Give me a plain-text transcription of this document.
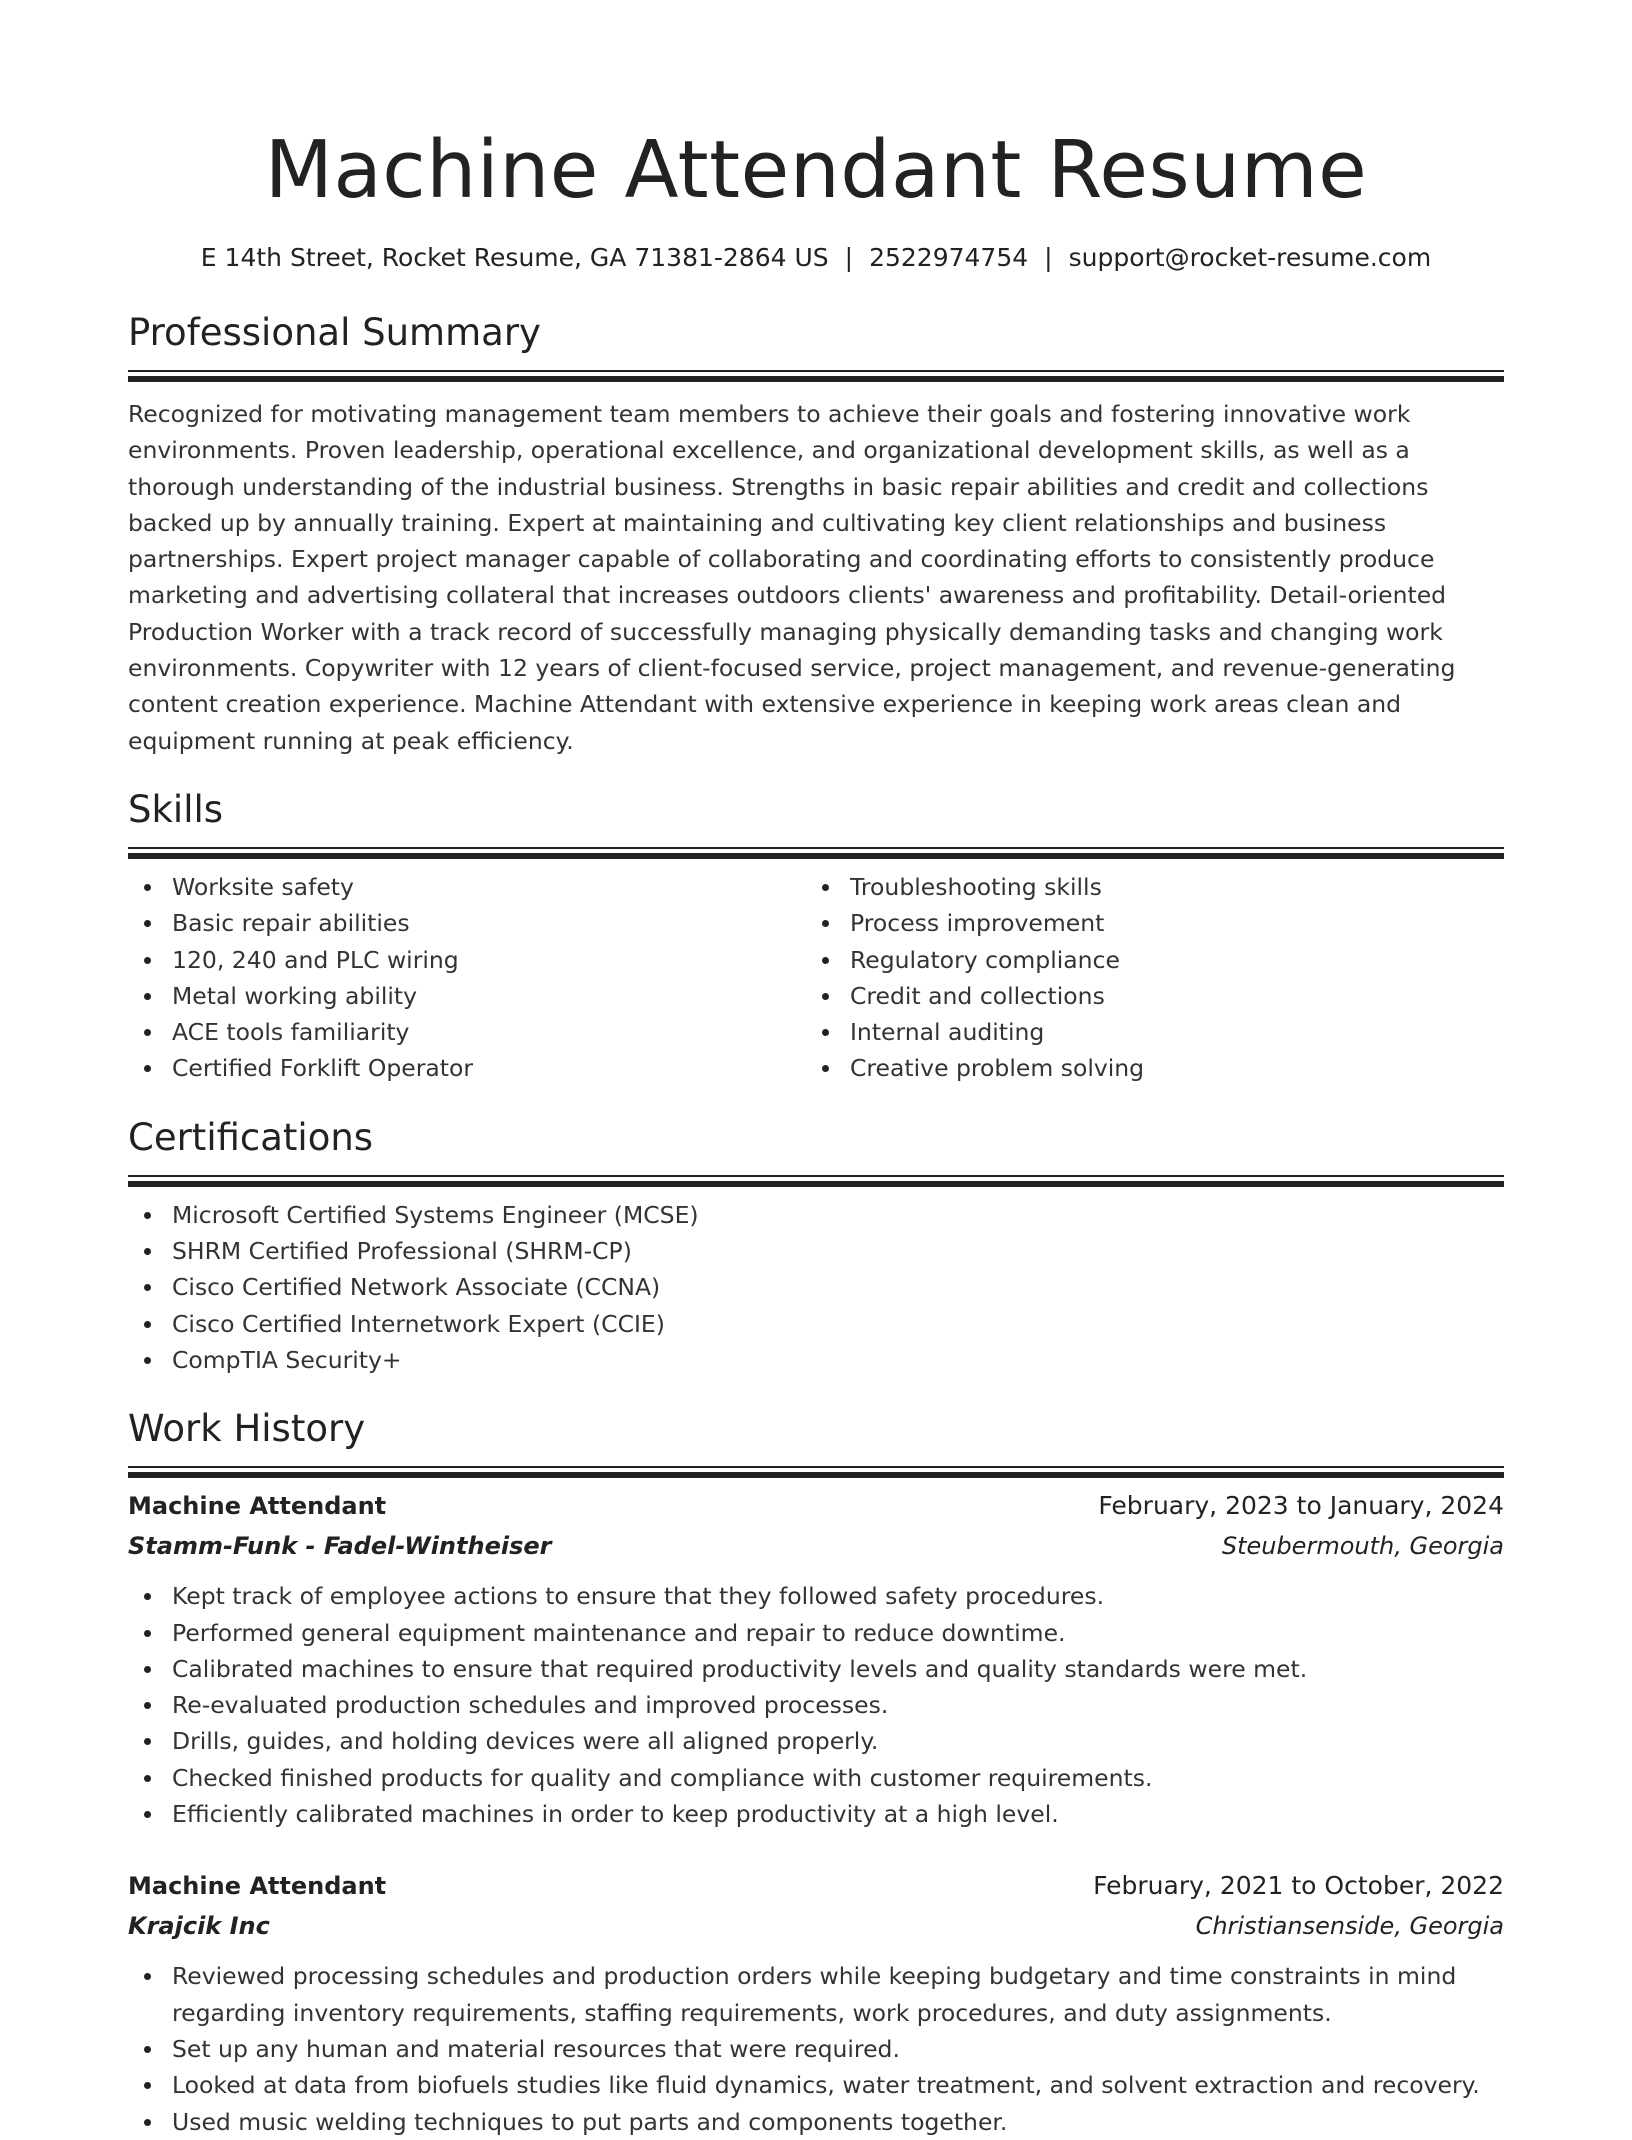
Machine Attendant Resume
E 14th Street, Rocket Resume, GA 71381-2864 US | 2522974754 | support@rocket-resume.com
Professional Summary

Recognized for motivating management team members to achieve their goals and fostering innovative work environments. Proven leadership, operational excellence, and organizational development skills, as well as a thorough understanding of the industrial business. Strengths in basic repair abilities and credit and collections backed up by annually training. Expert at maintaining and cultivating key client relationships and business partnerships. Expert project manager capable of collaborating and coordinating efforts to consistently produce marketing and advertising collateral that increases outdoors clients' awareness and profitability. Detail-oriented Production Worker with a track record of successfully managing physically demanding tasks and changing work environments. Copywriter with 12 years of client-focused service, project management, and revenue-generating content creation experience. Machine Attendant with extensive experience in keeping work areas clean and equipment running at peak efficiency.

Skills
Worksite safety
Basic repair abilities
120, 240 and PLC wiring
Metal working ability
ACE tools familiarity
Certified Forklift Operator
Troubleshooting skills
Process improvement
Regulatory compliance
Credit and collections
Internal auditing
Creative problem solving
Certifications
Microsoft Certified Systems Engineer (MCSE)
SHRM Certified Professional (SHRM-CP)
Cisco Certified Network Associate (CCNA)
Cisco Certified Internetwork Expert (CCIE)
CompTIA Security+
Work History
Machine Attendant	February, 2023 to January, 2024
Stamm-Funk - Fadel-Wintheiser	Steubermouth, Georgia
Kept track of employee actions to ensure that they followed safety procedures.
Performed general equipment maintenance and repair to reduce downtime.
Calibrated machines to ensure that required productivity levels and quality standards were met.
Re-evaluated production schedules and improved processes.
Drills, guides, and holding devices were all aligned properly.
Checked finished products for quality and compliance with customer requirements.
Efficiently calibrated machines in order to keep productivity at a high level.
Machine Attendant	February, 2021 to October, 2022
Krajcik Inc	Christiansenside, Georgia
Reviewed processing schedules and production orders while keeping budgetary and time constraints in mind regarding inventory requirements, staffing requirements, work procedures, and duty assignments.
Set up any human and material resources that were required.
Looked at data from biofuels studies like fluid dynamics, water treatment, and solvent extraction and recovery.
Used music welding techniques to put parts and components together.
